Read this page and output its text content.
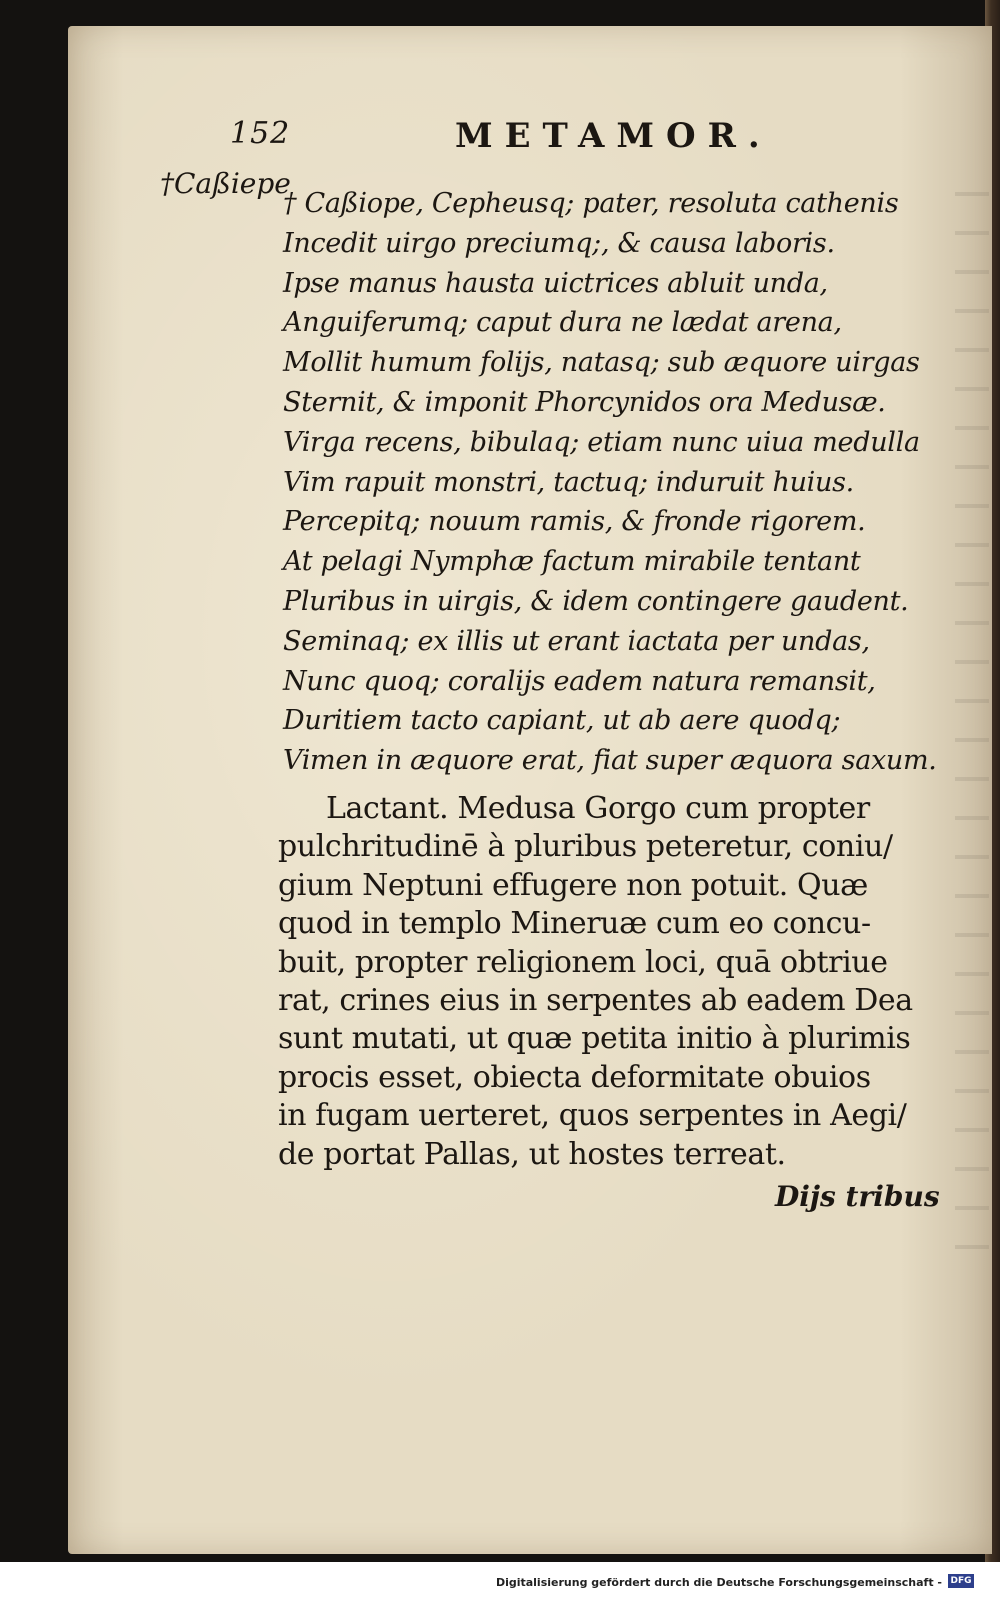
152	METAMOR.
†Caßiepe
† Caßiope, Cepheusq; pater, resoluta cathenis
Incedit uirgo preciumq;, & causa laboris.
Ipse manus hausta uictrices abluit unda,
Anguiferumq; caput dura ne lædat arena,
Mollit humum folijs, natasq; sub æquore uirgas
Sternit, & imponit Phorcynidos ora Medusæ.
Virga recens, bibulaq; etiam nunc uiua medulla
Vim rapuit monstri, tactuq; induruit huius.
Percepitq; nouum ramis, & fronde rigorem.
At pelagi Nymphæ factum mirabile tentant
Pluribus in uirgis, & idem contingere gaudent.
Seminaq; ex illis ut erant iactata per undas,
Nunc quoq; coralijs eadem natura remansit,
Duritiem tacto capiant, ut ab aere quodq;
Vimen in æquore erat, fiat super æquora saxum.
Lactant. Medusa Gorgo cum propter
pulchritudinē à pluribus peteretur, coniu/
gium Neptuni effugere non potuit. Quæ
quod in templo Mineruæ cum eo concu-
buit, propter religionem loci, quā obtriue
rat, crines eius in serpentes ab eadem Dea
sunt mutati, ut quæ petita initio à plurimis
procis esset, obiecta deformitate obuios
in fugam uerteret, quos serpentes in Aegi/
de portat Pallas, ut hostes terreat.
Dijs tribus
Digitalisierung gefördert durch die Deutsche Forschungsgemeinschaft - DFG
